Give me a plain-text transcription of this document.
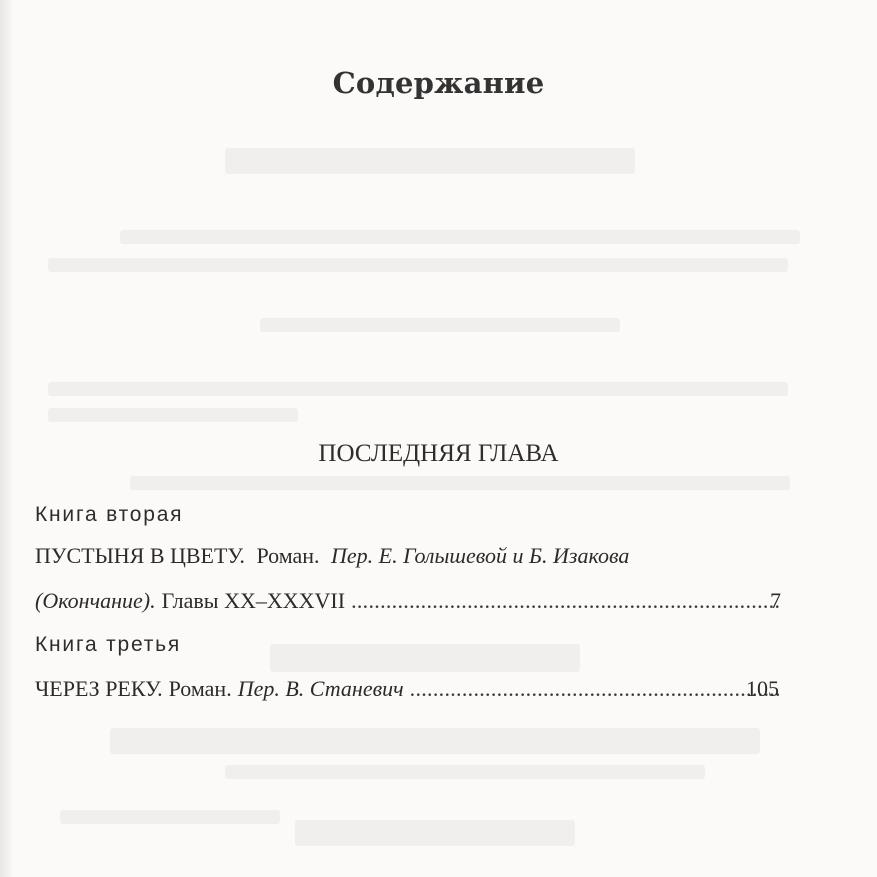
Содержание
ПОСЛЕДНЯЯ ГЛАВА
Книга вторая
ПУСТЫНЯ В ЦВЕТУ. Роман. Пер. Е. Голышевой и Б. Изакова
(Окончание). Главы XX–XXXVII . . .	7
Книга третья
ЧЕРЕЗ РЕКУ. Роман. Пер. В. Станевич . . .	105
